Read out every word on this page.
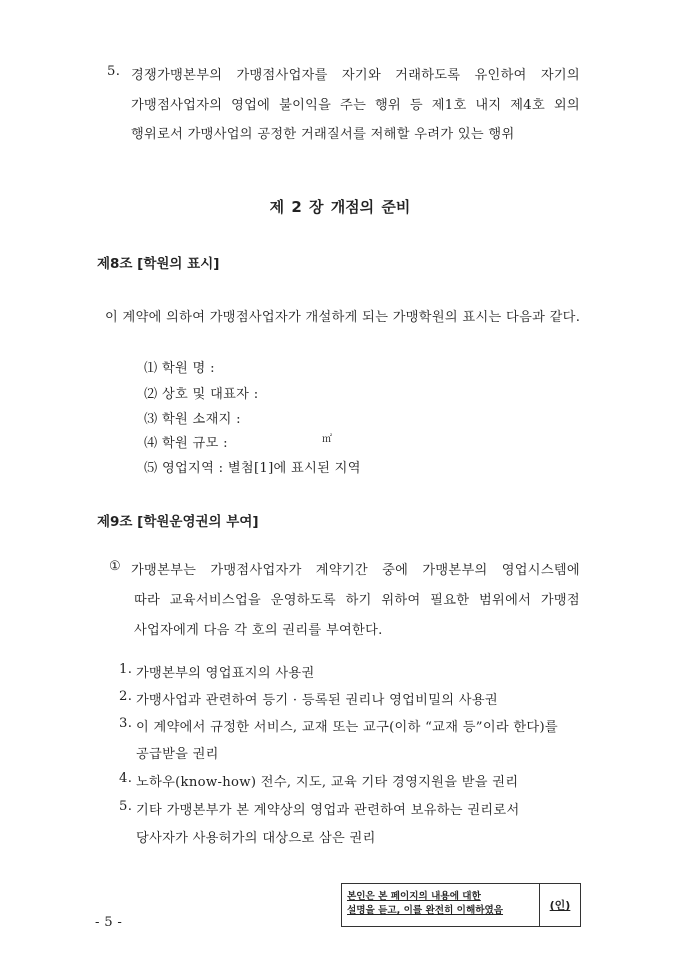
5. 경쟁가맹본부의 가맹점사업자를 자기와 거래하도록 유인하여 자기의
가맹점사업자의 영업에 불이익을 주는 행위 등 제1호 내지 제4호 외의
행위로서 가맹사업의 공정한 거래질서를 저해할 우려가 있는 행위
제 2 장 개점의 준비
제8조 [학원의 표시]
이 계약에 의하여 가맹점사업자가 개설하게 되는 가맹학원의 표시는 다음과 같다.
⑴ 학원 명 :
⑵ 상호 및 대표자 :
⑶ 학원 소재지 :
⑷ 학원 규모 :	㎡
⑸ 영업지역 : 별첨[1]에 표시된 지역
제9조 [학원운영권의 부여]
① 가맹본부는 가맹점사업자가 계약기간 중에 가맹본부의 영업시스템에
따라 교육서비스업을 운영하도록 하기 위하여 필요한 범위에서 가맹점
사업자에게 다음 각 호의 권리를 부여한다.
1. 가맹본부의 영업표지의 사용권
2. 가맹사업과 관련하여 등기 · 등록된 권리나 영업비밀의 사용권
3. 이 계약에서 규정한 서비스, 교재 또는 교구(이하 “교재 등”이라 한다)를
공급받을 권리
4. 노하우(know-how) 전수, 지도, 교육 기타 경영지원을 받을 권리
5. 기타 가맹본부가 본 계약상의 영업과 관련하여 보유하는 권리로서
당사자가 사용허가의 대상으로 삼은 권리
- 5 -
본인은 본 페이지의 내용에 대한
설명을 듣고, 이를 완전히 이해하였음	(인)
